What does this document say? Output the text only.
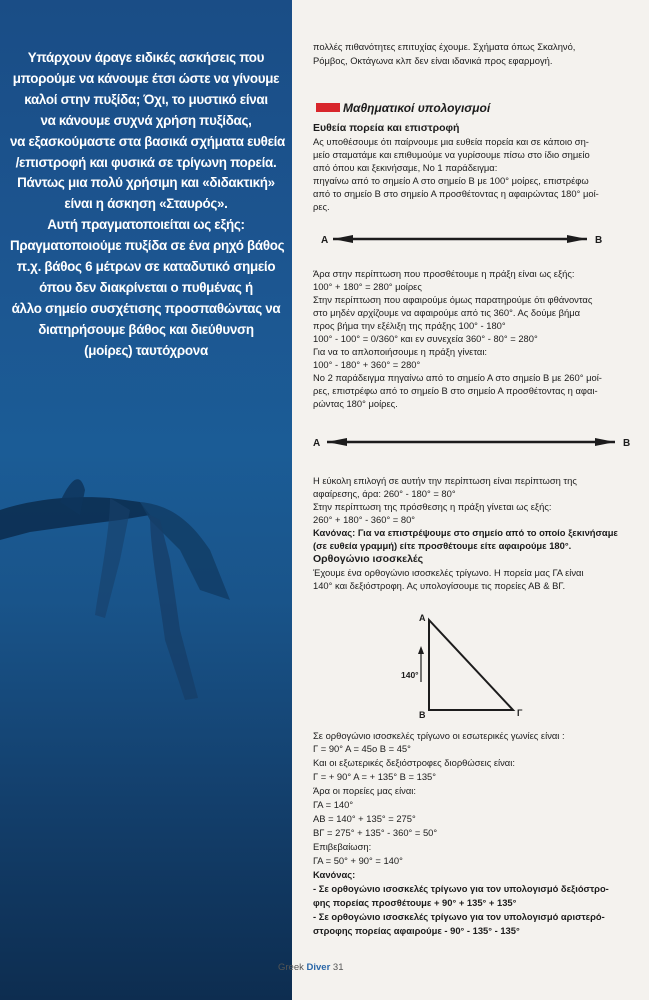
Υπάρχουν άραγε ειδικές ασκήσεις που
μπορούμε να κάνουμε έτσι ώστε να γίνουμε
καλοί στην πυξίδα; Όχι, το μυστικό είναι
να κάνουμε συχνά χρήση πυξίδας,
να εξασκούμαστε στα βασικά σχήματα ευθεία
/επιστροφή και φυσικά σε τρίγωνη πορεία.
Πάντως μια πολύ χρήσιμη και «διδακτική»
είναι η άσκηση «Σταυρός».
Αυτή πραγματοποιείται ως εξής:
Πραγματοποιούμε πυξίδα σε ένα ρηχό βάθος
π.χ. βάθος 6 μέτρων σε καταδυτικό σημείο
όπου δεν διακρίνεται ο πυθμένας ή
άλλο σημείο συσχέτισης προσπαθώντας να
διατηρήσουμε βάθος και διεύθυνση
(μοίρες) ταυτόχρονα
πολλές πιθανότητες επιτυχίας έχουμε. Σχήματα όπως Σκαληνό,
Ρόμβος, Οκτάγωνα κλπ δεν είναι ιδανικά προς εφαρμογή.
Μαθηματικοί υπολογισμοί
Ευθεία πορεία και επιστροφή
Ας υποθέσουμε ότι παίρνουμε μια ευθεία πορεία και σε κάποιο ση-
μείο σταματάμε και επιθυμούμε να γυρίσουμε πίσω στο ίδιο σημείο
από όπου και ξεκινήσαμε, Νο 1 παράδειγμα:
πηγαίνω από το σημείο Α στο σημείο Β με 100° μοίρες, επιστρέφω
από το σημείο Β στο σημείο Α προσθέτοντας η αφαιρώντας 180° μοί-
ρες.
A	B
Άρα στην περίπτωση που προσθέτουμε η πράξη είναι ως εξής:
100° + 180° = 280° μοίρες
Στην περίπτωση που αφαιρούμε όμως παρατηρούμε ότι φθάνοντας
στο μηδέν αρχίζουμε να αφαιρούμε από τις 360°. Ας δούμε βήμα
προς βήμα την εξέλιξη της πράξης 100° - 180°
100° - 100° = 0/360° και εν συνεχεία 360° - 80° = 280°
Για να το απλοποιήσουμε η πράξη γίνεται:
100° - 180° + 360° = 280°
Νο 2 παράδειγμα πηγαίνω από το σημείο Α στο σημείο Β με 260° μοί-
ρες, επιστρέφω από το σημείο Β στο σημείο Α προσθέτοντας η αφαι-
ρώντας 180° μοίρες.
A	B
Η εύκολη επιλογή σε αυτήν την περίπτωση είναι περίπτωση της
αφαίρεσης, άρα: 260° - 180° = 80°
Στην περίπτωση της πρόσθεσης η πράξη γίνεται ως εξής:
260° + 180° - 360° = 80°
Κανόνας: Για να επιστρέψουμε στο σημείο από το οποίο ξεκινήσαμε
(σε ευθεία γραμμή) είτε προσθέτουμε είτε αφαιρούμε 180°.
Ορθογώνιο ισοσκελές
Έχουμε ένα ορθογώνιο ισοσκελές τρίγωνο. Η πορεία μας ΓΑ είναι
140° και δεξιόστροφη. Ας υπολογίσουμε τις πορείες ΑΒ & ΒΓ.
A
B	Γ
140°
Σε ορθογώνιο ισοσκελές τρίγωνο οι εσωτερικές γωνίες είναι :
Γ = 90° Α = 45ο Β = 45°
Και οι εξωτερικές δεξιόστροφες διορθώσεις είναι:
Γ = + 90° Α = + 135° Β = 135°
Άρα οι πορείες μας είναι:
ΓΑ = 140°
ΑΒ = 140° + 135° = 275°
ΒΓ = 275° + 135° - 360° = 50°
Επιβεβαίωση:
ΓΑ = 50° + 90° = 140°
Κανόνας:
- Σε ορθογώνιο ισοσκελές τρίγωνο για τον υπολογισμό δεξιόστρο-
φης πορείας προσθέτουμε + 90° + 135° + 135°
- Σε ορθογώνιο ισοσκελές τρίγωνο για τον υπολογισμό αριστερό-
στροφης πορείας αφαιρούμε - 90° - 135° - 135°
Greek Diver 31
